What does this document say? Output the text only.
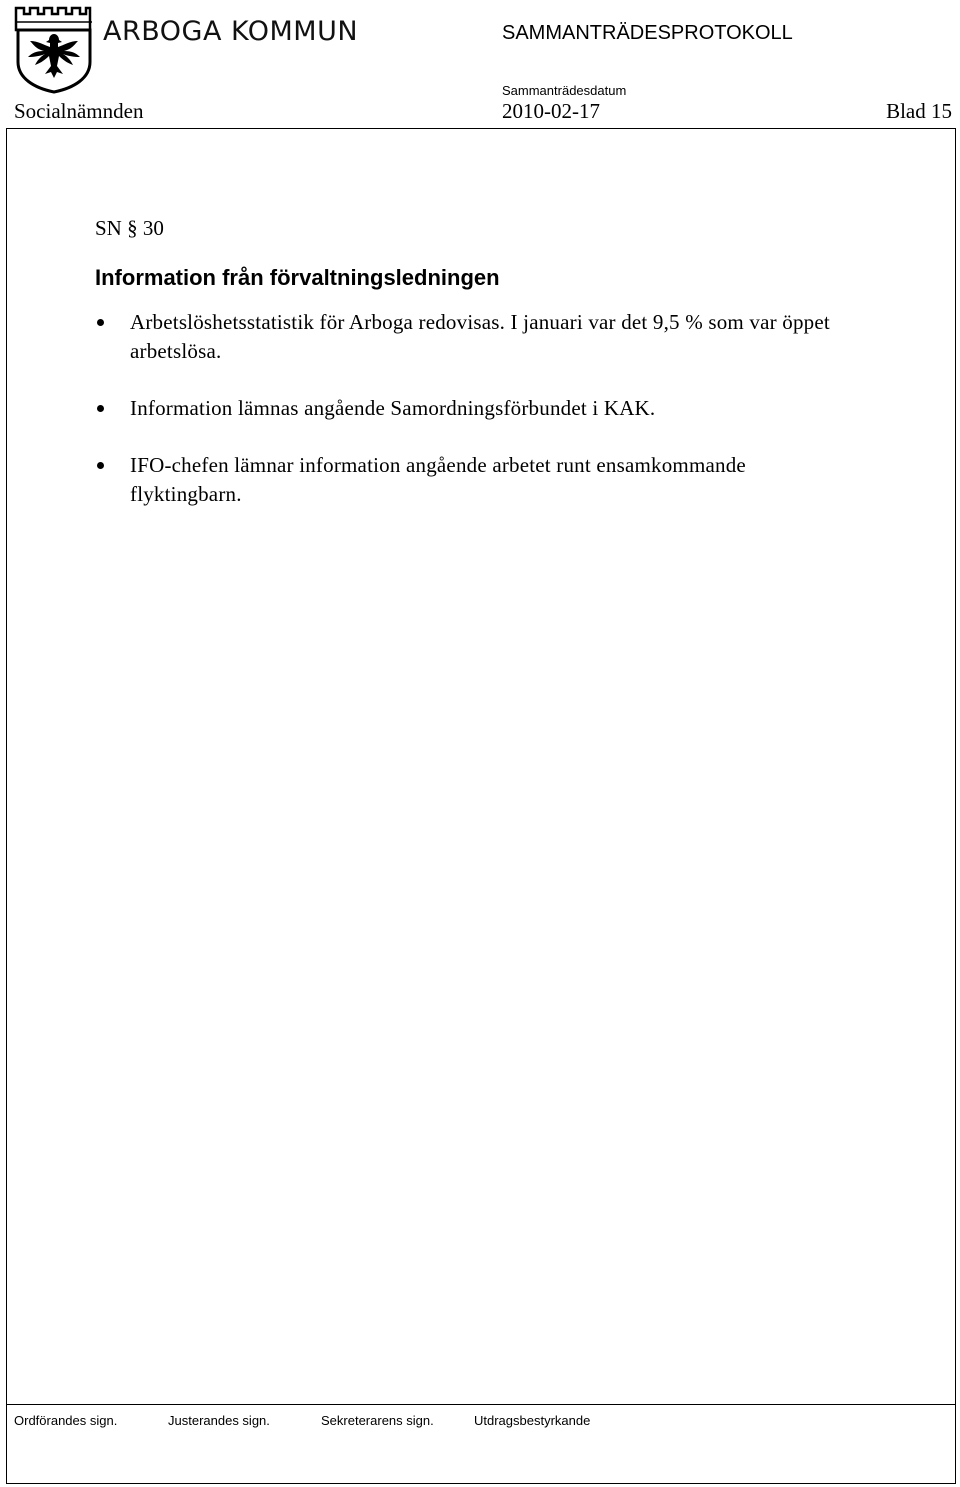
ARBOGA KOMMUN	SAMMANTRÄDESPROTOKOLL
Sammanträdesdatum
Socialnämnden	2010-02-17	Blad 15
SN § 30
Information från förvaltningsledningen
Arbetslöshetsstatistik för Arboga redovisas. I januari var det 9,5 % som var öppet arbetslösa.
Information lämnas angående Samordningsförbundet i KAK.
IFO-chefen lämnar information angående arbetet runt ensamkommande flyktingbarn.
Ordförandes sign.	Justerandes sign.	Sekreterarens sign.	Utdragsbestyrkande
